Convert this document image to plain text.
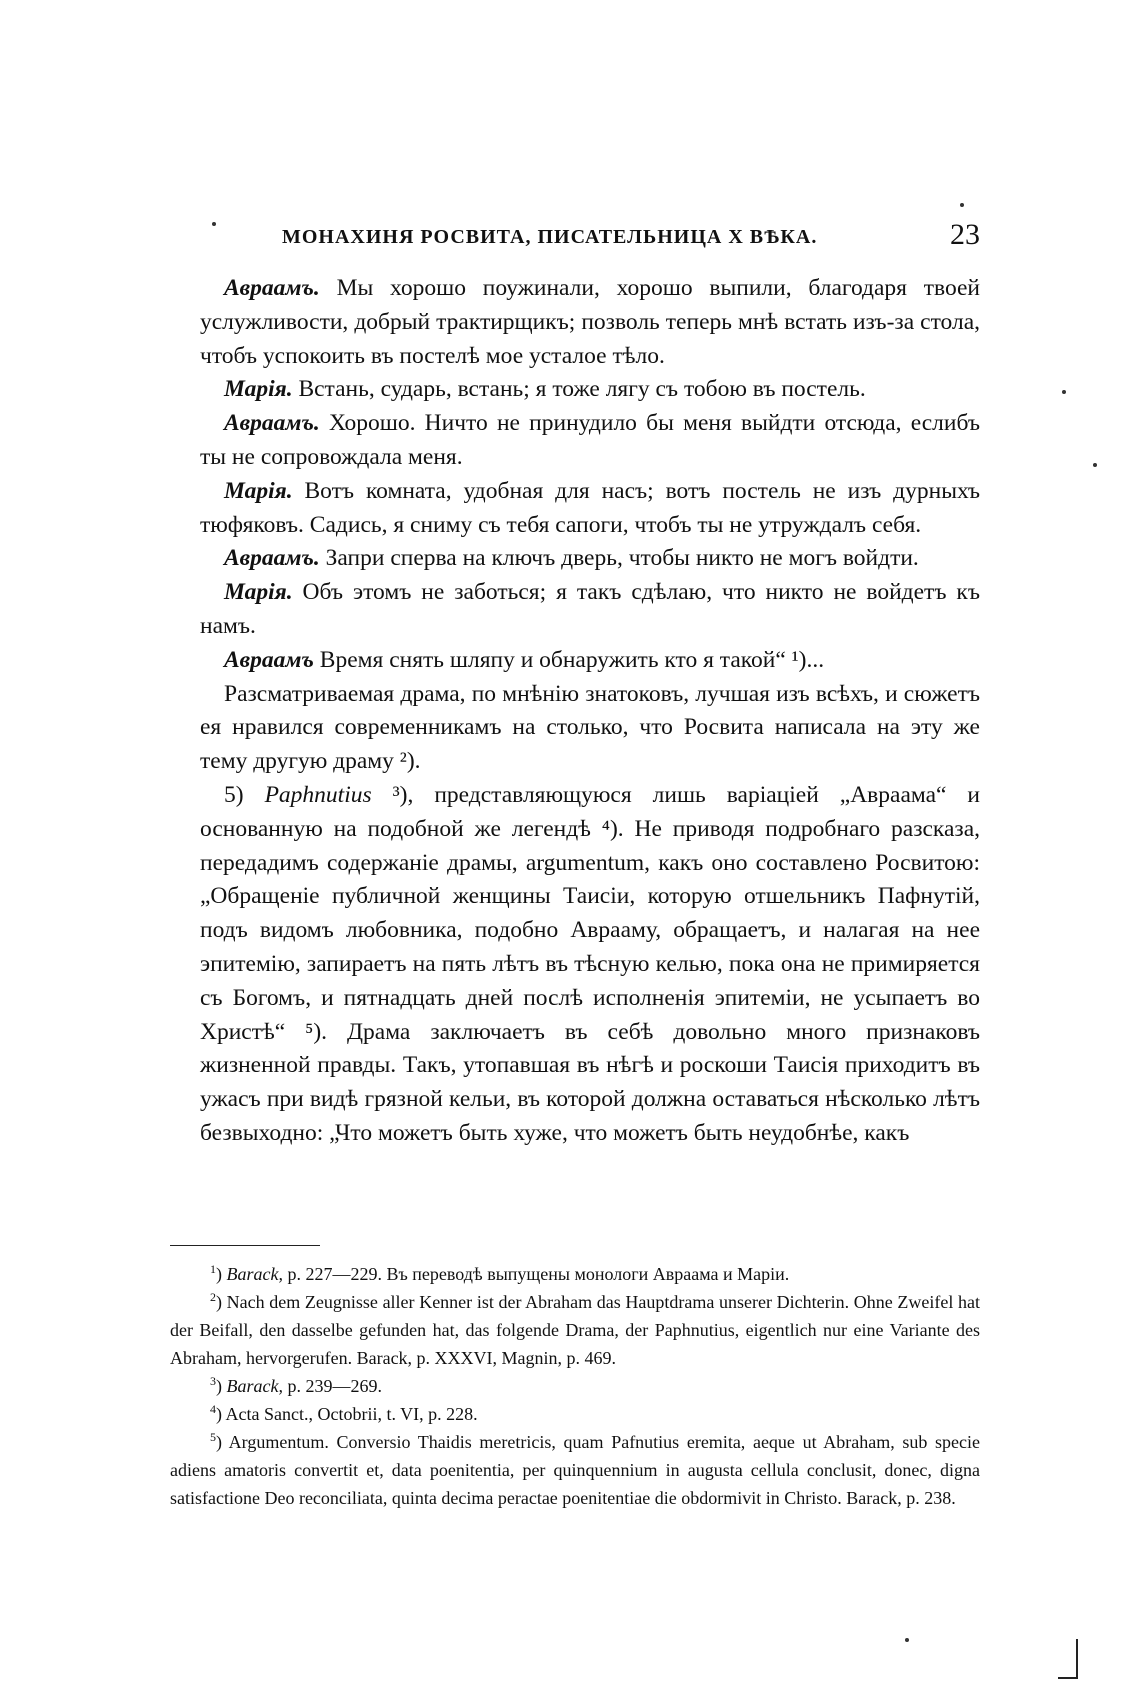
МОНАХИНЯ РОСВИТА, ПИСАТЕЛЬНИЦА X ВѢКА.	23

Авраамъ. Мы хорошо поужинали, хорошо выпили, благодаря твоей услужливости, добрый трактирщикъ; позволь теперь мнѣ встать изъ-за стола, чтобъ успокоить въ постелѣ мое усталое тѣло.

Марія. Встань, сударь, встань; я тоже лягу съ тобою въ постель.

Авраамъ. Хорошо. Ничто не принудило бы меня выйдти отсюда, еслибъ ты не сопровождала меня.

Марія. Вотъ комната, удобная для насъ; вотъ постель не изъ дурныхъ тюфяковъ. Садись, я сниму съ тебя сапоги, чтобъ ты не утруждалъ себя.

Авраамъ. Запри сперва на ключъ дверь, чтобы никто не могъ войдти.

Марія. Объ этомъ не заботься; я такъ сдѣлаю, что никто не войдетъ къ намъ.

Авраамъ Время снять шляпу и обнаружить кто я такой“ ¹)...

Разсматриваемая драма, по мнѣнію знатоковъ, лучшая изъ всѣхъ, и сюжетъ ея нравился современникамъ на столько, что Росвита написала на эту же тему другую драму ²).

5) Paphnutius ³), представляющуюся лишь варіаціей „Авраама“ и основанную на подобной же легендѣ ⁴). Не приводя подробнаго разсказа, передадимъ содержаніе драмы, argumentum, какъ оно составлено Росвитою: „Обращеніе публичной женщины Таисіи, которую отшельникъ Пафнутій, подъ видомъ любовника, подобно Аврааму, обращаетъ, и налагая на нее эпитемію, запираетъ на пять лѣтъ въ тѣсную келью, пока она не примиряется съ Богомъ, и пятнадцать дней послѣ исполненія эпитеміи, не усыпаетъ во Христѣ“ ⁵). Драма заключаетъ въ себѣ довольно много признаковъ жизненной правды. Такъ, утопавшая въ нѣгѣ и роскоши Таисія приходитъ въ ужасъ при видѣ грязной кельи, въ которой должна оставаться нѣсколько лѣтъ безвыходно: „Что можетъ быть хуже, что можетъ быть неудобнѣе, какъ

$^1$) Barack, p. 227—229. Въ переводѣ выпущены монологи Авраама и Маріи.

$^2$) Nach dem Zeugnisse aller Kenner ist der Abraham das Hauptdrama unserer Dichterin. Ohne Zweifel hat der Beifall, den dasselbe gefunden hat, das folgende Drama, der Paphnutius, eigentlich nur eine Variante des Abraham, hervorgerufen. Barack, p. XXXVI, Magnin, p. 469.

$^3$) Barack, p. 239—269.

$^4$) Acta Sanct., Octobrii, t. VI, p. 228.

$^5$) Argumentum. Conversio Thaidis meretricis, quam Pafnutius eremita, aeque ut Abraham, sub specie adiens amatoris convertit et, data poenitentia, per quinquennium in augusta cellula conclusit, donec, digna satisfactione Deo reconciliata, quinta decima peractae poenitentiae die obdormivit in Christo. Barack, p. 238.
